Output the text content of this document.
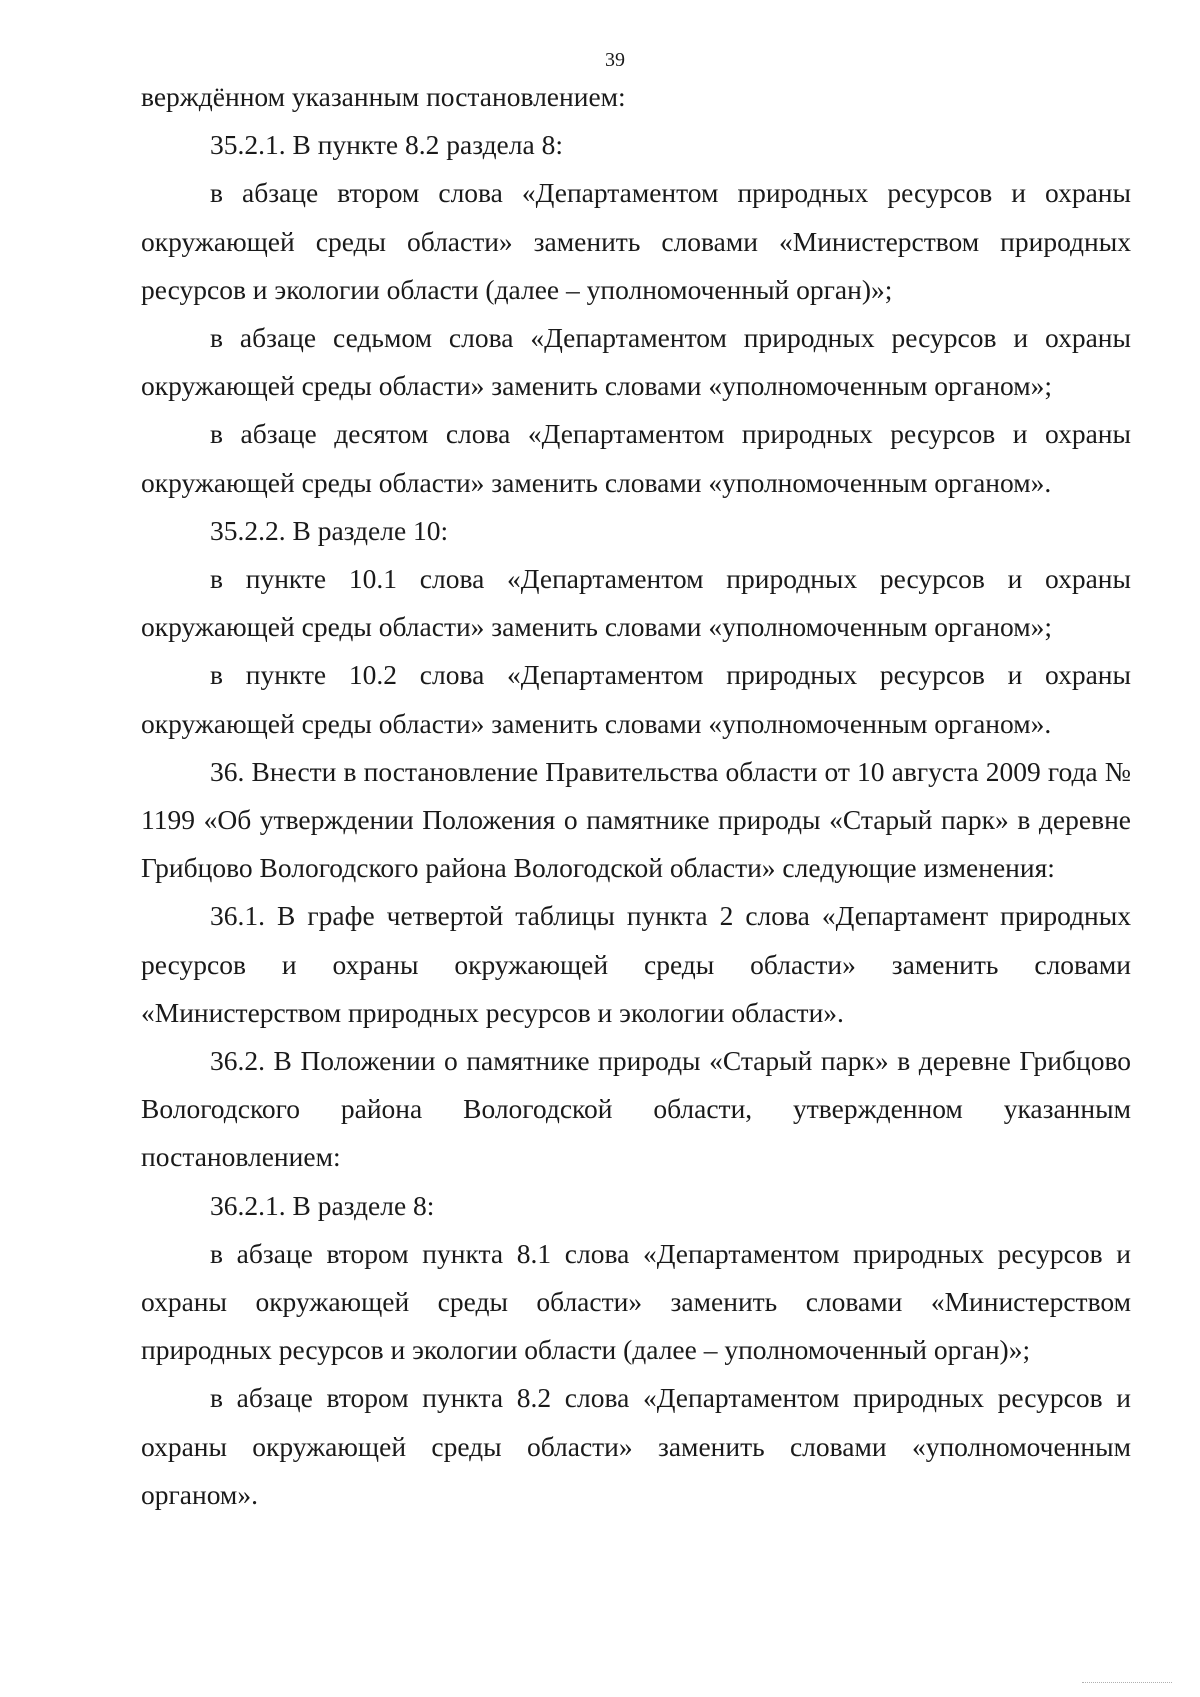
39

верждённом указанным постановлением:

35.2.1. В пункте 8.2 раздела 8:

в абзаце втором слова «Департаментом природных ресурсов и охраны окружающей среды области» заменить словами «Министерством природных ресурсов и экологии области (далее – уполномоченный орган)»;

в абзаце седьмом слова «Департаментом природных ресурсов и охраны окружающей среды области» заменить словами «уполномоченным органом»;

в абзаце десятом слова «Департаментом природных ресурсов и охраны окружающей среды области» заменить словами «уполномоченным органом».

35.2.2. В разделе 10:

в пункте 10.1 слова «Департаментом природных ресурсов и охраны окружающей среды области» заменить словами «уполномоченным органом»;

в пункте 10.2 слова «Департаментом природных ресурсов и охраны окружающей среды области» заменить словами «уполномоченным органом».

36. Внести в постановление Правительства области от 10 августа 2009 года № 1199 «Об утверждении Положения о памятнике природы «Старый парк» в деревне Грибцово Вологодского района Вологодской области» следующие изменения:

36.1. В графе четвертой таблицы пункта 2 слова «Департамент природных ресурсов и охраны окружающей среды области» заменить словами «Министерством природных ресурсов и экологии области».

36.2. В Положении о памятнике природы «Старый парк» в деревне Грибцово Вологодского района Вологодской области, утвержденном указанным постановлением:

36.2.1. В разделе 8:

в абзаце втором пункта 8.1 слова «Департаментом природных ресурсов и охраны окружающей среды области» заменить словами «Министерством природных ресурсов и экологии области (далее – уполномоченный орган)»;

в абзаце втором пункта 8.2 слова «Департаментом природных ресурсов и охраны окружающей среды области» заменить словами «уполномоченным органом».
